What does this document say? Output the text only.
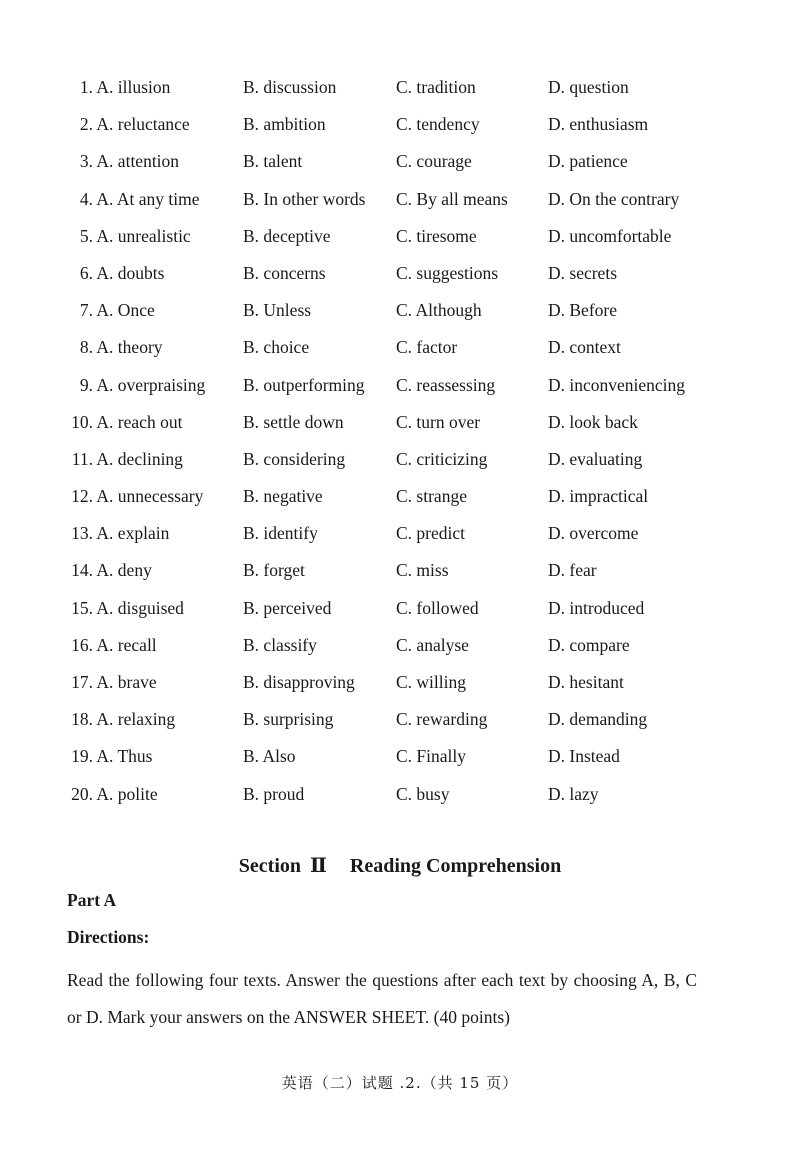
1. A. illusion	B. discussion	C. tradition	D. question
2. A. reluctance	B. ambition	C. tendency	D. enthusiasm
3. A. attention	B. talent	C. courage	D. patience
4. A. At any time	B. In other words C. By all means D. On the contrary
5. A. unrealistic	B. deceptive	C. tiresome	D. uncomfortable
6. A. doubts	B. concerns	C. suggestions	D. secrets
7. A. Once	B. Unless	C. Although	D. Before
8. A. theory	B. choice	C. factor	D. context
9. A. overpraising	B. outperforming C. reassessing	D. inconveniencing
10. A. reach out	B. settle down	C. turn over	D. look back
11. A. declining	B. considering	C. criticizing	D. evaluating
12. A. unnecessary	B. negative	C. strange	D. impractical
13. A. explain	B. identify	C. predict	D. overcome
14. A. deny	B. forget	C. miss	D. fear
15. A. disguised	B. perceived	C. followed	D. introduced
16. A. recall	B. classify	C. analyse	D. compare
17. A. brave	B. disapproving C. willing	D. hesitant
18. A. relaxing	B. surprising	C. rewarding	D. demanding
19. A. Thus	B. Also	C. Finally	D. Instead
20. A. polite	B. proud	C. busy	D. lazy
Section Ⅱ Reading Comprehension

Part A

Directions:

Read the following four texts. Answer the questions after each text by choosing A, B, C or D. Mark your answers on the ANSWER SHEET. (40 points)

英语（二）试题 .2.（共 15 页）
